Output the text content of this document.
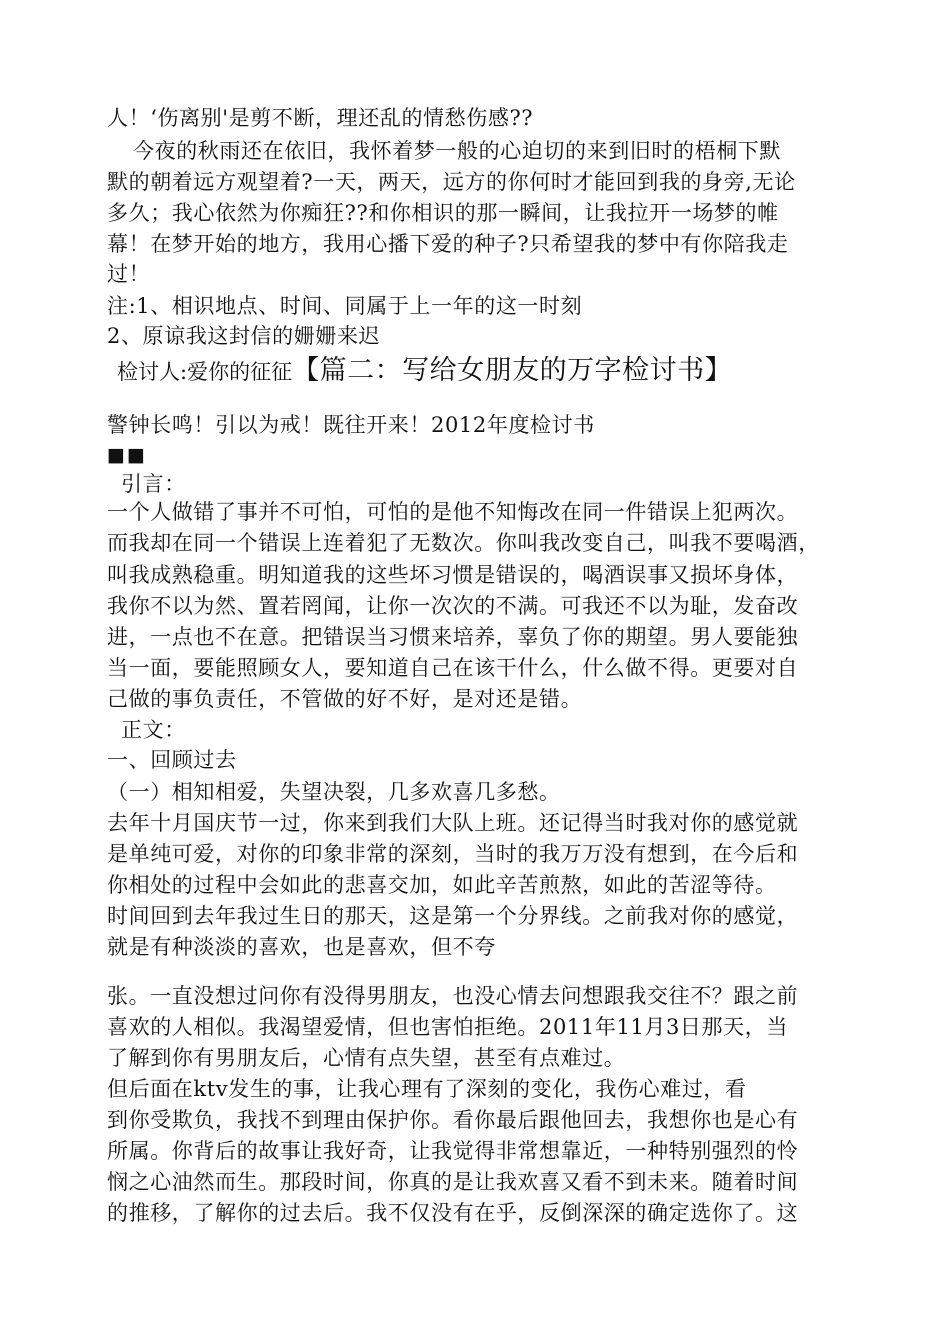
人！‘伤离别'是剪不断，理还乱的情愁伤感??
今夜的秋雨还在依旧，我怀着梦一般的心迫切的来到旧时的梧桐下默
默的朝着远方观望着?一天，两天，远方的你何时才能回到我的身旁,无论
多久；我心依然为你痴狂??和你相识的那一瞬间，让我拉开一场梦的帷
幕！在梦开始的地方，我用心播下爱的种子?只希望我的梦中有你陪我走
过！
注:1、相识地点、时间、同属于上一年的这一时刻
2、原谅我这封信的姗姗来迟
检讨人:爱你的征征【篇二：写给女朋友的万字检讨书】
警钟长鸣！引以为戒！既往开来！2012年度检讨书
■■
引言：
一个人做错了事并不可怕，可怕的是他不知悔改在同一件错误上犯两次。
而我却在同一个错误上连着犯了无数次。你叫我改变自己，叫我不要喝酒，
叫我成熟稳重。明知道我的这些坏习惯是错误的，喝酒误事又损坏身体，
我你不以为然、置若罔闻，让你一次次的不满。可我还不以为耻，发奋改
进，一点也不在意。把错误当习惯来培养，辜负了你的期望。男人要能独
当一面，要能照顾女人，要知道自己在该干什么，什么做不得。更要对自
己做的事负责任，不管做的好不好，是对还是错。
正文：
一、回顾过去
（一）相知相爱，失望决裂，几多欢喜几多愁。
去年十月国庆节一过，你来到我们大队上班。还记得当时我对你的感觉就
是单纯可爱，对你的印象非常的深刻，当时的我万万没有想到，在今后和
你相处的过程中会如此的悲喜交加，如此辛苦煎熬，如此的苦涩等待。
时间回到去年我过生日的那天，这是第一个分界线。之前我对你的感觉，
就是有种淡淡的喜欢，也是喜欢，但不夸
张。一直没想过问你有没得男朋友，也没心情去问想跟我交往不？跟之前
喜欢的人相似。我渴望爱情，但也害怕拒绝。2011年11月3日那天，当
了解到你有男朋友后，心情有点失望，甚至有点难过。
但后面在ktv发生的事，让我心理有了深刻的变化，我伤心难过，看
到你受欺负，我找不到理由保护你。看你最后跟他回去，我想你也是心有
所属。你背后的故事让我好奇，让我觉得非常想靠近，一种特别强烈的怜
悯之心油然而生。那段时间，你真的是让我欢喜又看不到未来。随着时间
的推移，了解你的过去后。我不仅没有在乎，反倒深深的确定选你了。这
